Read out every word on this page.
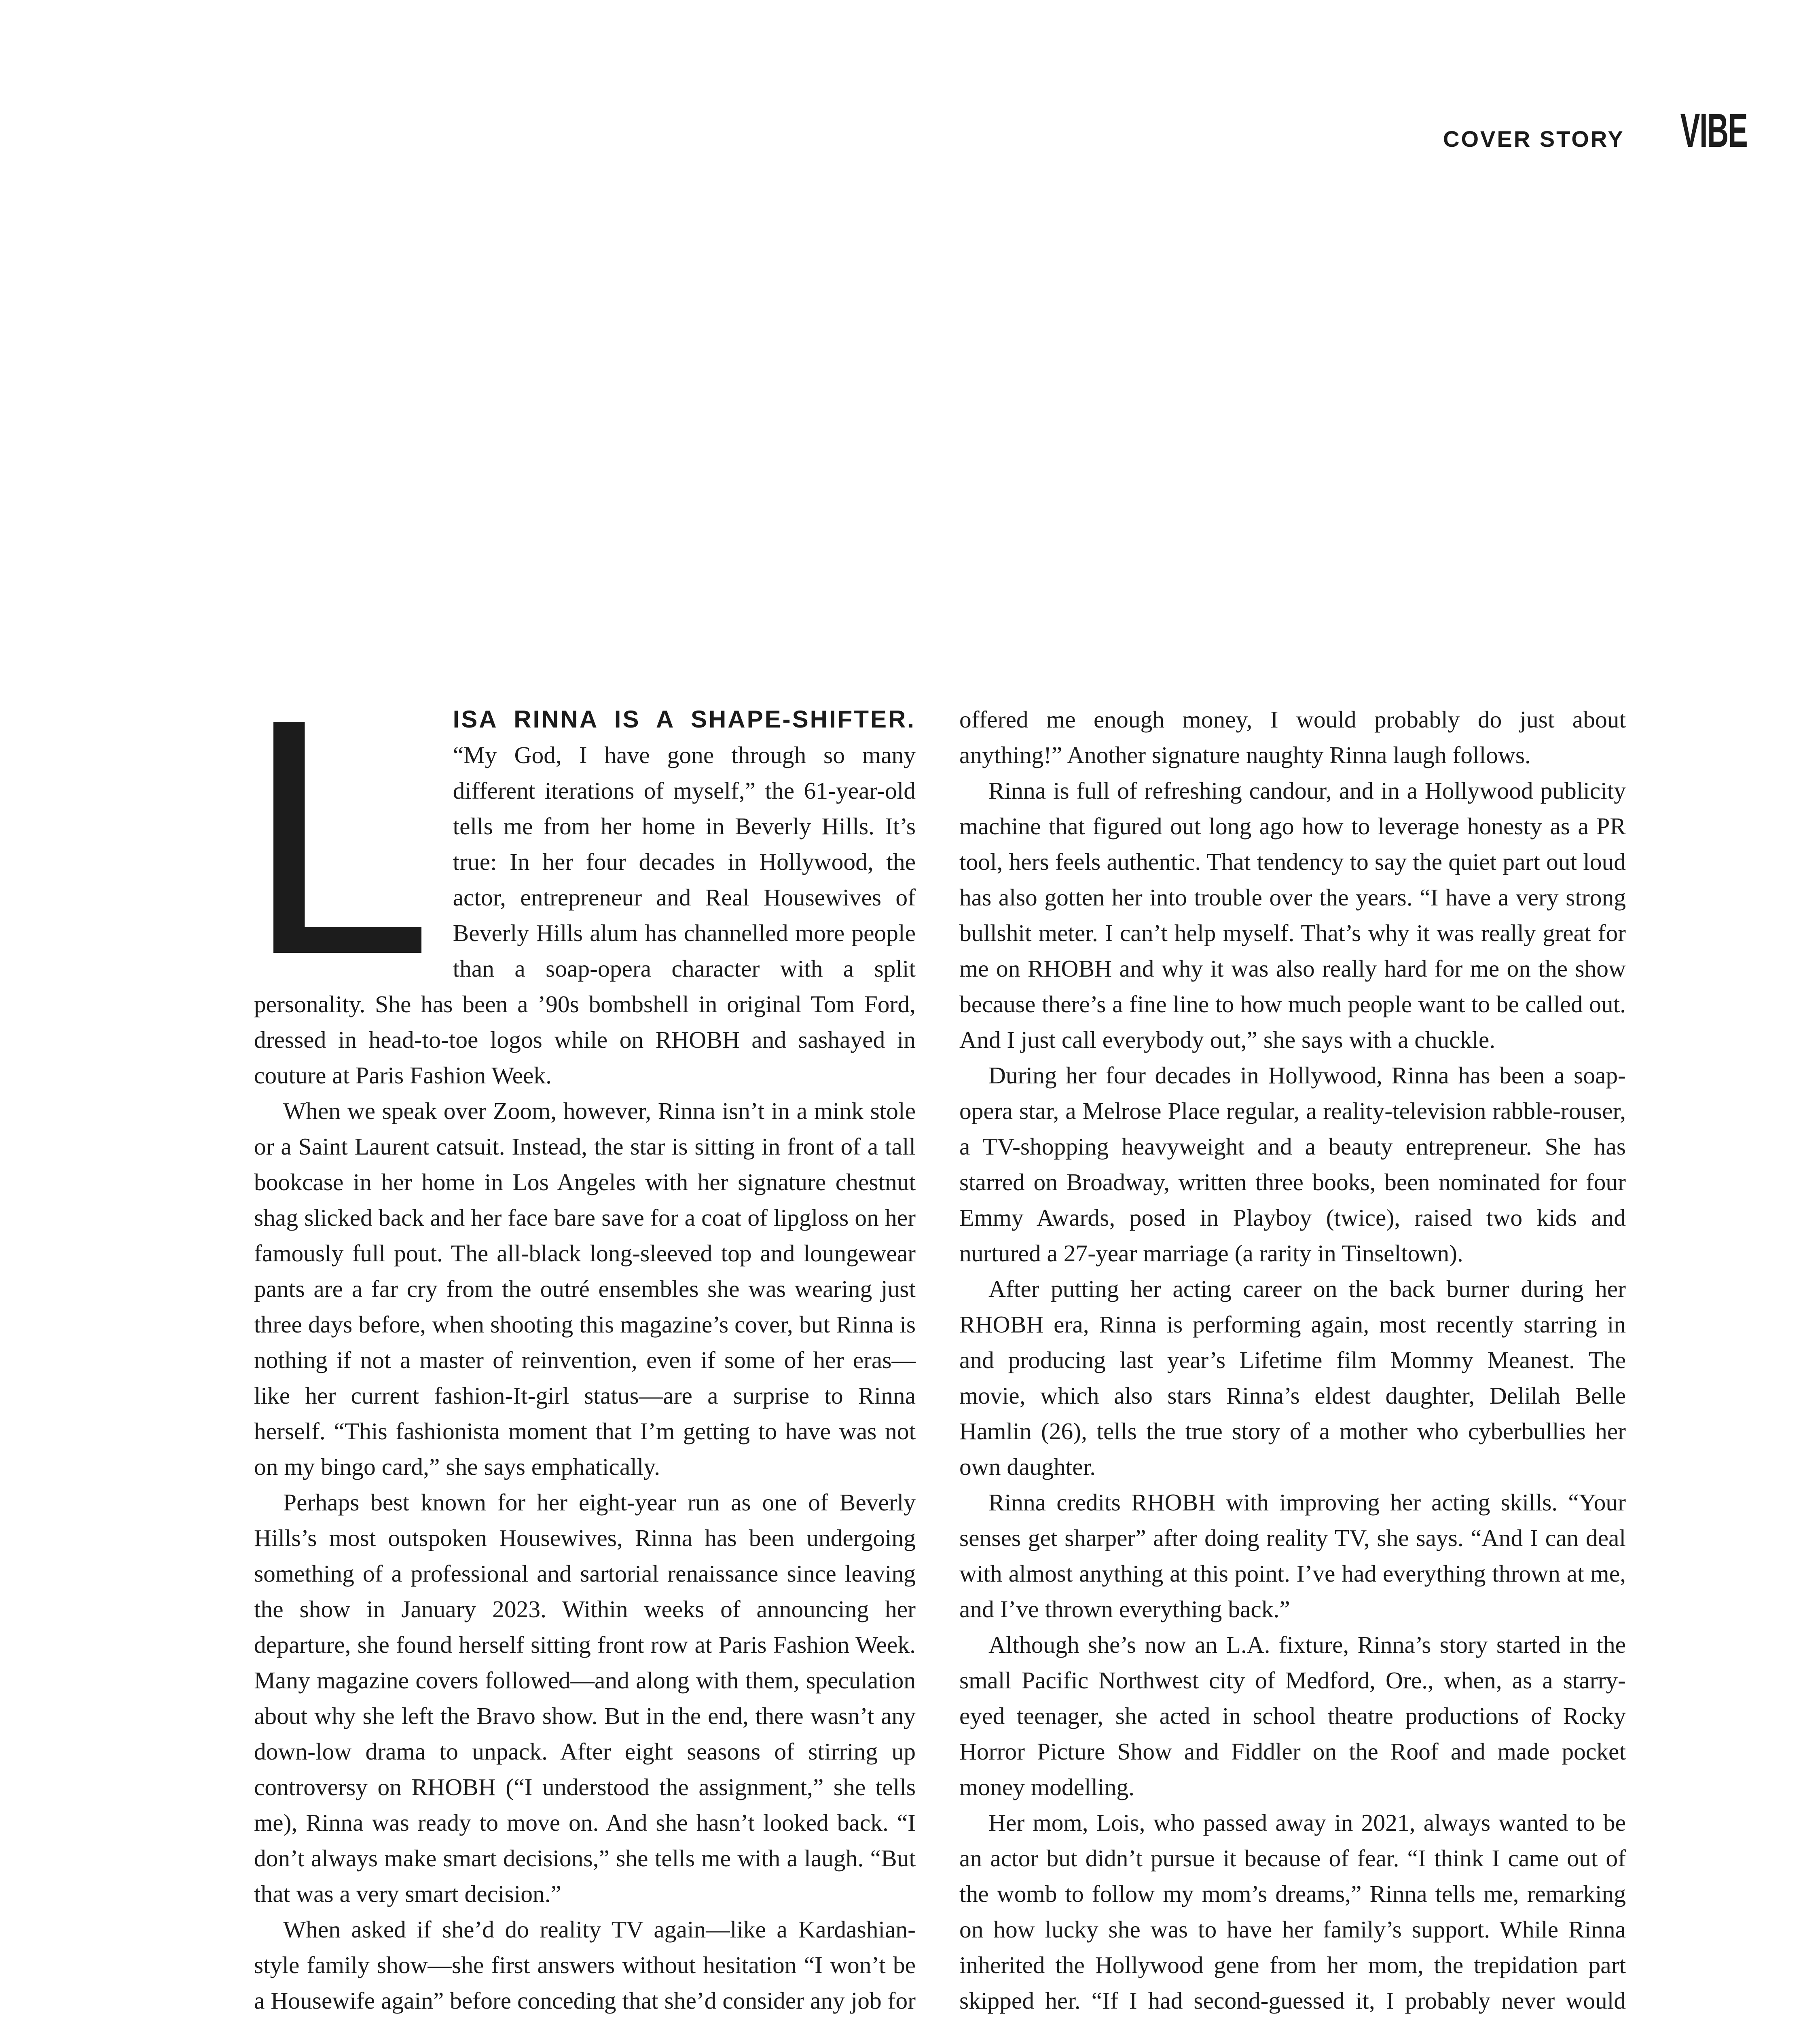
COVER STORY VIBE

L ISA RINNA IS A SHAPE-SHIFTER. “My God, I have gone through so many different iterations of myself,” the 61-year-old tells me from her home in Beverly Hills. It’s true: In her four decades in Hollywood, the actor, entrepreneur and Real Housewives of Beverly Hills alum has channelled more people than a soap-opera character with a split personality. She has been a ’90s bombshell in original Tom Ford, dressed in head-to-toe logos while on RHOBH and sashayed in couture at Paris Fashion Week.

When we speak over Zoom, however, Rinna isn’t in a mink stole or a Saint Laurent catsuit. Instead, the star is sitting in front of a tall bookcase in her home in Los Angeles with her signature chestnut shag slicked back and her face bare save for a coat of lipgloss on her famously full pout. The all-black long-sleeved top and loungewear pants are a far cry from the outré ensembles she was wearing just three days before, when shooting this magazine’s cover, but Rinna is nothing if not a master of reinvention, even if some of her eras—like her current fashion-It-girl status—are a surprise to Rinna herself. “This fashionista moment that I’m getting to have was not on my bingo card,” she says emphatically.

Perhaps best known for her eight-year run as one of Beverly Hills’s most outspoken Housewives, Rinna has been undergoing something of a professional and sartorial renaissance since leaving the show in January 2023. Within weeks of announcing her departure, she found herself sitting front row at Paris Fashion Week. Many magazine covers followed—and along with them, speculation about why she left the Bravo show. But in the end, there wasn’t any down-low drama to unpack. After eight seasons of stirring up controversy on RHOBH (“I understood the assignment,” she tells me), Rinna was ready to move on. And she hasn’t looked back. “I don’t always make smart decisions,” she tells me with a laugh. “But that was a very smart decision.”

When asked if she’d do reality TV again—like a Kardashian-style family show—she first answers without hesitation “I won’t be a Housewife again” before conceding that she’d consider any job for

offered me enough money, I would probably do just about anything!” Another signature naughty Rinna laugh follows.

Rinna is full of refreshing candour, and in a Hollywood publicity machine that figured out long ago how to leverage honesty as a PR tool, hers feels authentic. That tendency to say the quiet part out loud has also gotten her into trouble over the years. “I have a very strong bullshit meter. I can’t help myself. That’s why it was really great for me on RHOBH and why it was also really hard for me on the show because there’s a fine line to how much people want to be called out. And I just call everybody out,” she says with a chuckle.

During her four decades in Hollywood, Rinna has been a soap-opera star, a Melrose Place regular, a reality-television rabble-rouser, a TV-shopping heavyweight and a beauty entrepreneur. She has starred on Broadway, written three books, been nominated for four Emmy Awards, posed in Playboy (twice), raised two kids and nurtured a 27-year marriage (a rarity in Tinseltown).

After putting her acting career on the back burner during her RHOBH era, Rinna is performing again, most recently starring in and producing last year’s Lifetime film Mommy Meanest. The movie, which also stars Rinna’s eldest daughter, Delilah Belle Hamlin (26), tells the true story of a mother who cyberbullies her own daughter.

Rinna credits RHOBH with improving her acting skills. “Your senses get sharper” after doing reality TV, she says. “And I can deal with almost anything at this point. I’ve had everything thrown at me, and I’ve thrown everything back.”

Although she’s now an L.A. fixture, Rinna’s story started in the small Pacific Northwest city of Medford, Ore., when, as a starry-eyed teenager, she acted in school theatre productions of Rocky Horror Picture Show and Fiddler on the Roof and made pocket money modelling.

Her mom, Lois, who passed away in 2021, always wanted to be an actor but didn’t pursue it because of fear. “I think I came out of the womb to follow my mom’s dreams,” Rinna tells me, remarking on how lucky she was to have her family’s support. While Rinna inherited the Hollywood gene from her mom, the trepidation part skipped her. “If I had second-guessed it, I probably never would
